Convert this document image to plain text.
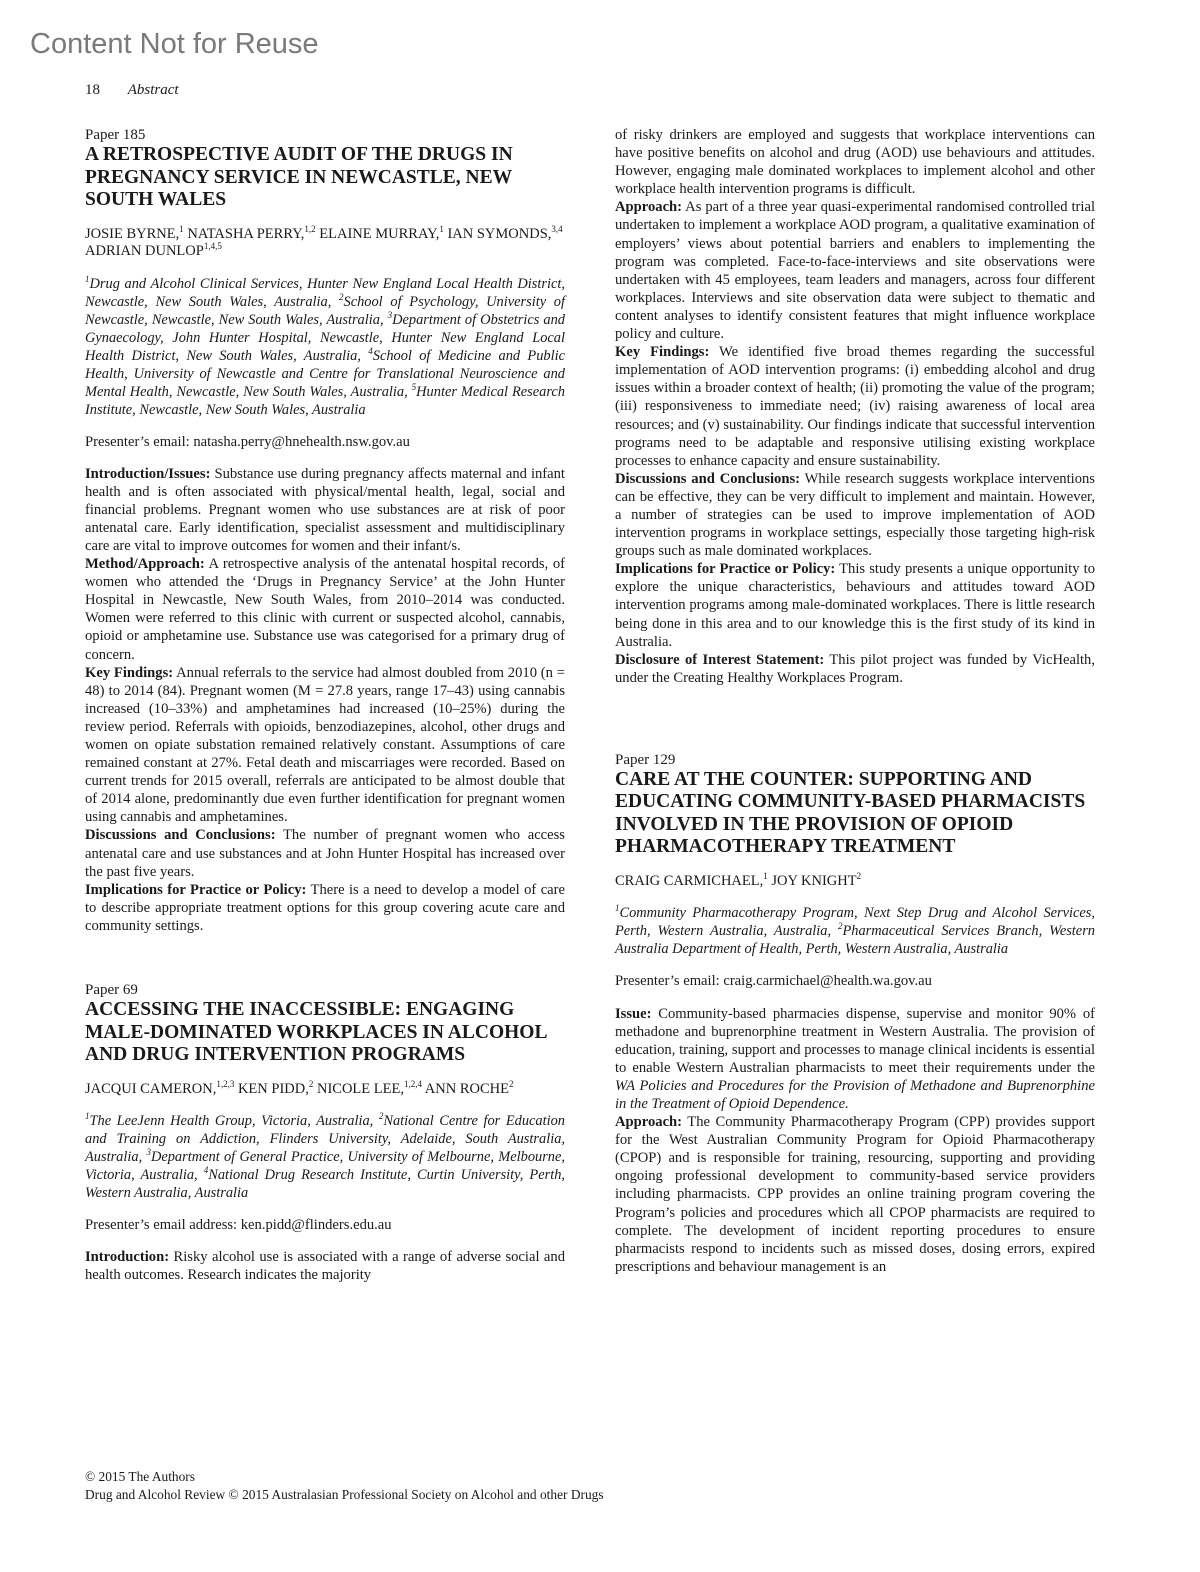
Content Not for Reuse
18 Abstract

Paper 185

A RETROSPECTIVE AUDIT OF THE DRUGS IN PREGNANCY SERVICE IN NEWCASTLE, NEW SOUTH WALES

JOSIE BYRNE,$^1$ NATASHA PERRY,$^{1,2}$ ELAINE MURRAY,$^1$ IAN SYMONDS,$^{3,4}$ ADRIAN DUNLOP$^{1,4,5}$

$^1$Drug and Alcohol Clinical Services, Hunter New England Local Health District, Newcastle, New South Wales, Australia, $^2$School of Psychology, University of Newcastle, Newcastle, New South Wales, Australia, $^3$Department of Obstetrics and Gynaecology, John Hunter Hospital, Newcastle, Hunter New England Local Health District, New South Wales, Australia, $^4$School of Medicine and Public Health, University of Newcastle and Centre for Translational Neuroscience and Mental Health, Newcastle, New South Wales, Australia, $^5$Hunter Medical Research Institute, Newcastle, New South Wales, Australia

Presenter’s email: natasha.perry@hnehealth.nsw.gov.au

Introduction/Issues: Substance use during pregnancy affects maternal and infant health and is often associated with physical/mental health, legal, social and financial problems. Pregnant women who use substances are at risk of poor antenatal care. Early identification, specialist assessment and multidisciplinary care are vital to improve outcomes for women and their infant/s.

Method/Approach: A retrospective analysis of the antenatal hospital records, of women who attended the ‘Drugs in Pregnancy Service’ at the John Hunter Hospital in Newcastle, New South Wales, from 2010–2014 was conducted. Women were referred to this clinic with current or suspected alcohol, cannabis, opioid or amphetamine use. Substance use was categorised for a primary drug of concern.

Key Findings: Annual referrals to the service had almost doubled from 2010 (n = 48) to 2014 (84). Pregnant women (M = 27.8 years, range 17–43) using cannabis increased (10–33%) and amphetamines had increased (10–25%) during the review period. Referrals with opioids, benzodiazepines, alcohol, other drugs and women on opiate substation remained relatively constant. Assumptions of care remained constant at 27%. Fetal death and miscarriages were recorded. Based on current trends for 2015 overall, referrals are anticipated to be almost double that of 2014 alone, predominantly due even further identification for pregnant women using cannabis and amphetamines.

Discussions and Conclusions: The number of pregnant women who access antenatal care and use substances and at John Hunter Hospital has increased over the past five years.

Implications for Practice or Policy: There is a need to develop a model of care to describe appropriate treatment options for this group covering acute care and community settings.

Paper 69

ACCESSING THE INACCESSIBLE: ENGAGING MALE-DOMINATED WORKPLACES IN ALCOHOL AND DRUG INTERVENTION PROGRAMS

JACQUI CAMERON,$^{1,2,3}$ KEN PIDD,$^2$ NICOLE LEE,$^{1,2,4}$ ANN ROCHE$^2$

$^1$The LeeJenn Health Group, Victoria, Australia, $^2$National Centre for Education and Training on Addiction, Flinders University, Adelaide, South Australia, Australia, $^3$Department of General Practice, University of Melbourne, Melbourne, Victoria, Australia, $^4$National Drug Research Institute, Curtin University, Perth, Western Australia, Australia

Presenter’s email address: ken.pidd@flinders.edu.au

Introduction: Risky alcohol use is associated with a range of adverse social and health outcomes. Research indicates the majority

of risky drinkers are employed and suggests that workplace interventions can have positive benefits on alcohol and drug (AOD) use behaviours and attitudes. However, engaging male dominated workplaces to implement alcohol and other workplace health intervention programs is difficult.

Approach: As part of a three year quasi-experimental randomised controlled trial undertaken to implement a workplace AOD program, a qualitative examination of employers’ views about potential barriers and enablers to implementing the program was completed. Face-to-face-interviews and site observations were undertaken with 45 employees, team leaders and managers, across four different workplaces. Interviews and site observation data were subject to thematic and content analyses to identify consistent features that might influence workplace policy and culture.

Key Findings: We identified five broad themes regarding the successful implementation of AOD intervention programs: (i) embedding alcohol and drug issues within a broader context of health; (ii) promoting the value of the program; (iii) responsiveness to immediate need; (iv) raising awareness of local area resources; and (v) sustainability. Our findings indicate that successful intervention programs need to be adaptable and responsive utilising existing workplace processes to enhance capacity and ensure sustainability.

Discussions and Conclusions: While research suggests workplace interventions can be effective, they can be very difficult to implement and maintain. However, a number of strategies can be used to improve implementation of AOD intervention programs in workplace settings, especially those targeting high-risk groups such as male dominated workplaces.

Implications for Practice or Policy: This study presents a unique opportunity to explore the unique characteristics, behaviours and attitudes toward AOD intervention programs among male-dominated workplaces. There is little research being done in this area and to our knowledge this is the first study of its kind in Australia.

Disclosure of Interest Statement: This pilot project was funded by VicHealth, under the Creating Healthy Workplaces Program.

Paper 129

CARE AT THE COUNTER: SUPPORTING AND EDUCATING COMMUNITY-BASED PHARMACISTS INVOLVED IN THE PROVISION OF OPIOID PHARMACOTHERAPY TREATMENT

CRAIG CARMICHAEL,$^1$ JOY KNIGHT$^2$

$^1$Community Pharmacotherapy Program, Next Step Drug and Alcohol Services, Perth, Western Australia, Australia, $^2$Pharmaceutical Services Branch, Western Australia Department of Health, Perth, Western Australia, Australia

Presenter’s email: craig.carmichael@health.wa.gov.au

Issue: Community-based pharmacies dispense, supervise and monitor 90% of methadone and buprenorphine treatment in Western Australia. The provision of education, training, support and processes to manage clinical incidents is essential to enable Western Australian pharmacists to meet their requirements under the WA Policies and Procedures for the Provision of Methadone and Buprenorphine in the Treatment of Opioid Dependence.

Approach: The Community Pharmacotherapy Program (CPP) provides support for the West Australian Community Program for Opioid Pharmacotherapy (CPOP) and is responsible for training, resourcing, supporting and providing ongoing professional development to community-based service providers including pharmacists. CPP provides an online training program covering the Program’s policies and procedures which all CPOP pharmacists are required to complete. The development of incident reporting procedures to ensure pharmacists respond to incidents such as missed doses, dosing errors, expired prescriptions and behaviour management is an

© 2015 The Authors
Drug and Alcohol Review © 2015 Australasian Professional Society on Alcohol and other Drugs
